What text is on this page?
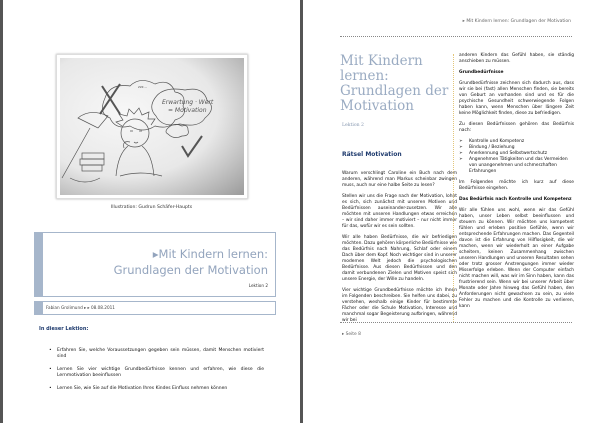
Erwartung · Wert
= Motivation
zzz...
Illustration: Gudrun Schäfer-Haupts
▸Mit Kindern lernen:
Grundlagen der Motivation
Lektion 2
Fabian Grolimund ▸ ▸ 08.08.2011
In dieser Lektion:
• Erfahren Sie, welche Voraussetzungen gegeben sein müssen, damit Menschen motiviert sind
• Lernen Sie vier wichtige Grundbedürfnisse kennen und erfahren, wie diese die Lernmotivation beeinflussen
• Lernen Sie, wie Sie auf die Motivation Ihres Kindes Einfluss nehmen können
▸ Mit Kindern lernen: Grundlagen der Motivation
Mit Kindern lernen: Grundlagen der Motivation
Lektion 2
Rätsel Motivation

Warum verschlingt Caroline ein Buch nach dem anderen, während man Markus scheinbar zwingen muss, auch nur eine halbe Seite zu lesen?

Stellen wir uns die Frage nach der Motivation, lohnt es sich, sich zunächst mit unseren Motiven und Bedürfnissen auseinander-zusetzen. Wir alle möchten mit unseren Handlungen etwas erreichen – wir sind daher immer motiviert – nur nicht immer für das, wofür wir es sein sollten.

Wir alle haben Bedürfnisse, die wir befriedigen möchten. Dazu gehören körperliche Bedürfnisse wie das Bedürfnis nach Nahrung, Schlaf oder einem Dach über dem Kopf. Noch wichtiger sind in unserer modernen Welt jedoch die psychologischen Bedürfnisse. Aus diesen Bedürfnissen und den damit verbundenen Zielen und Motiven speist sich unsere Energie, der Wille zu handeln.

Vier wichtige Grundbedürfnisse möchte ich Ihnen im Folgenden beschreiben. Sie helfen uns dabei, zu verstehen, weshalb einige Kinder für bestimmte Fächer oder die Schule Motivation, Interesse und manchmal sogar Begeisterung aufbringen, während wir bei

anderen Kindern das Gefühl haben, sie ständig anschieben zu müssen.

Grundbedürfnisse

Grundbedürfnisse zeichnen sich dadurch aus, dass wir sie bei (fast) allen Menschen finden, sie bereits von Geburt an vorhanden sind und es für die psychische Gesundheit schwerwiegende Folgen haben kann, wenn Menschen über längere Zeit keine Möglichkeit finden, diese zu befriedigen.

Zu diesen Bedürfnissen gehören das Bedürfnis nach:

➢ Kontrolle und Kompetenz
➢ Bindung / Beziehung
➢ Anerkennung und Selbstwertschutz
➢ Angenehmen Tätigkeiten und das Vermeiden von unangenehmen und schmerzhaften Erfahrungen

Im Folgenden möchte ich kurz auf diese Bedürfnisse eingehen.

Das Bedürfnis nach Kontrolle und Kompetenz

Wir alle fühlen uns wohl, wenn wir das Gefühl haben, unser Leben selbst beeinflussen und steuern zu können. Wir möchten uns kompetent fühlen und erleben positive Gefühle, wenn wir entsprechende Erfahrungen machen. Das Gegenteil davon ist die Erfahrung von Hilflosigkeit, die wir machen, wenn wir wiederholt an einer Aufgabe scheitern, keinen Zusammenhang zwischen unseren Handlungen und unseren Resultaten sehen oder trotz grosser Anstrengungen immer wieder Misserfolge erleben. Wenn der Computer einfach nicht machen will, was wir im Sinn haben, kann das frustrierend sein. Wenn wir bei unserer Arbeit über Monate oder Jahre hinweg das Gefühl haben, den Anforderungen nicht gewachsen zu sein, zu viele Fehler zu machen und die Kontrolle zu verlieren, kann

▸ Seite 8
